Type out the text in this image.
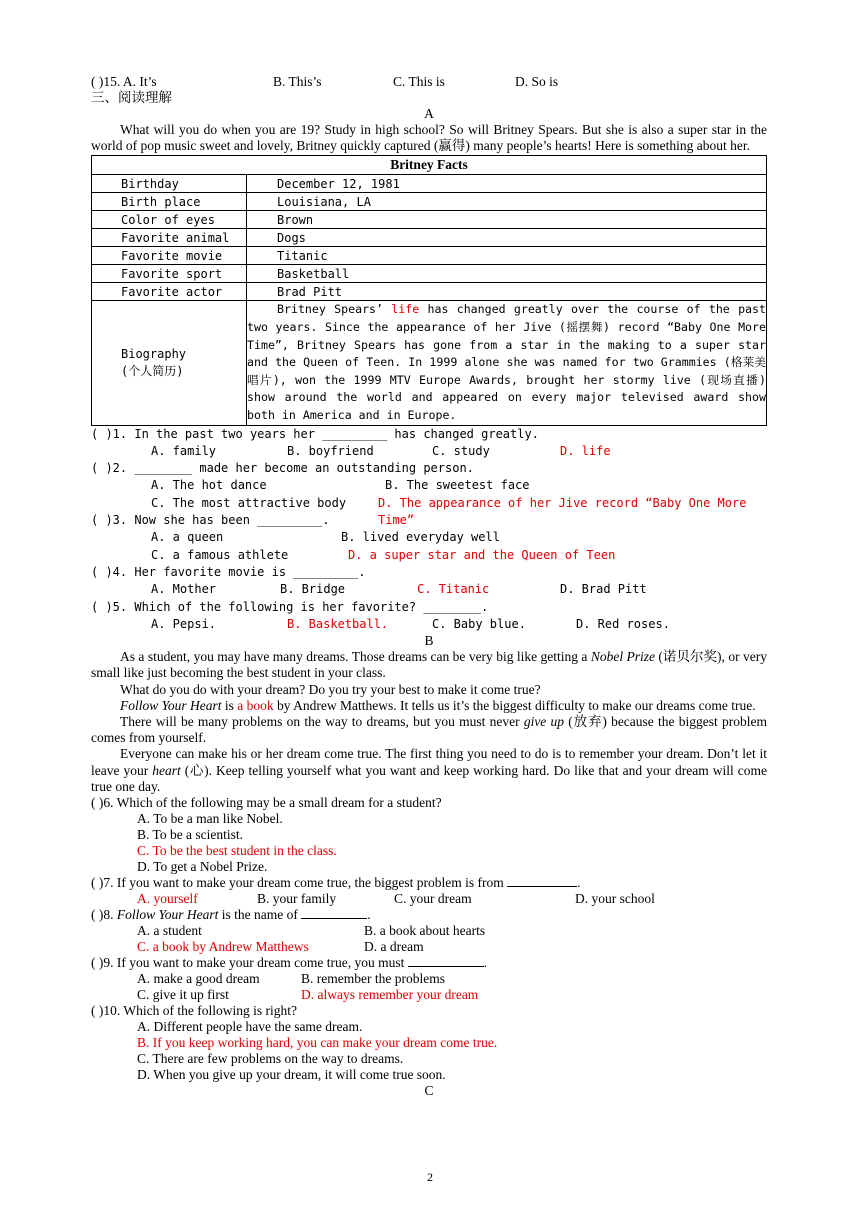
( )15. A. It’s	B. This’s	C. This is	D. So is
三、阅读理解
A
What will you do when you are 19? Study in high school? So will Britney Spears. But she is also a super star in the world of pop music sweet and lovely, Britney quickly captured (赢得) many people’s hearts! Here is something about her.
Britney Facts	
Birthday	December 12, 1981
Birth place	Louisiana, LA
Color of eyes	Brown
Favorite animal	Dogs
Favorite movie	Titanic
Favorite sport	Basketball
Favorite actor	Brad Pitt

Biography
(个人简历)	Britney Spears’ life has changed greatly over the course of the past two years. Since the appearance of her Jive (摇摆舞) record “Baby One More Time”, Britney Spears has gone from a star in the making to a super star and the Queen of Teen. In 1999 alone she was named for two Grammies (格莱美唱片), won the 1999 MTV Europe Awards, brought her stormy live (现场直播) show around the world and appeared on every major televised award show both in America and in Europe.
( )1. In the past two years her _________ has changed greatly.
A. family	B. boyfriend	C. study	D. life
( )2. ________ made her become an outstanding person.
A. The hot dance	B. The sweetest face
C. The most attractive body	D. The appearance of her Jive record “Baby One More Time”
( )3. Now she has been _________.
A. a queen	B. lived everyday well
C. a famous athlete	D. a super star and the Queen of Teen
( )4. Her favorite movie is _________.
A. Mother	B. Bridge	C. Titanic	D. Brad Pitt
( )5. Which of the following is her favorite? ________.
A. Pepsi.	B. Basketball.	C. Baby blue.	D. Red roses.
B
As a student, you may have many dreams. Those dreams can be very big like getting a Nobel Prize (诺贝尔奖), or very small like just becoming the best student in your class.
What do you do with your dream? Do you try your best to make it come true?
Follow Your Heart is a book by Andrew Matthews. It tells us it’s the biggest difficulty to make our dreams come true.
There will be many problems on the way to dreams, but you must never give up (放弃) because the biggest problem comes from yourself.
Everyone can make his or her dream come true. The first thing you need to do is to remember your dream. Don’t let it leave your heart (心). Keep telling yourself what you want and keep working hard. Do like that and your dream will come true one day.
( )6. Which of the following may be a small dream for a student?
A. To be a man like Nobel.
B. To be a scientist.
C. To be the best student in the class.
D. To get a Nobel Prize.
( )7. If you want to make your dream come true, the biggest problem is from	.
A. yourself	B. your family	C. your dream	D. your school
( )8. Follow Your Heart is the name of	.
A. a student	B. a book about hearts
C. a book by Andrew Matthews	D. a dream
( )9. If you want to make your dream come true, you must	.
A. make a good dream	B. remember the problems
C. give it up first	D. always remember your dream
( )10. Which of the following is right?
A. Different people have the same dream.
B. If you keep working hard, you can make your dream come true.
C. There are few problems on the way to dreams.
D. When you give up your dream, it will come true soon.
C
2
